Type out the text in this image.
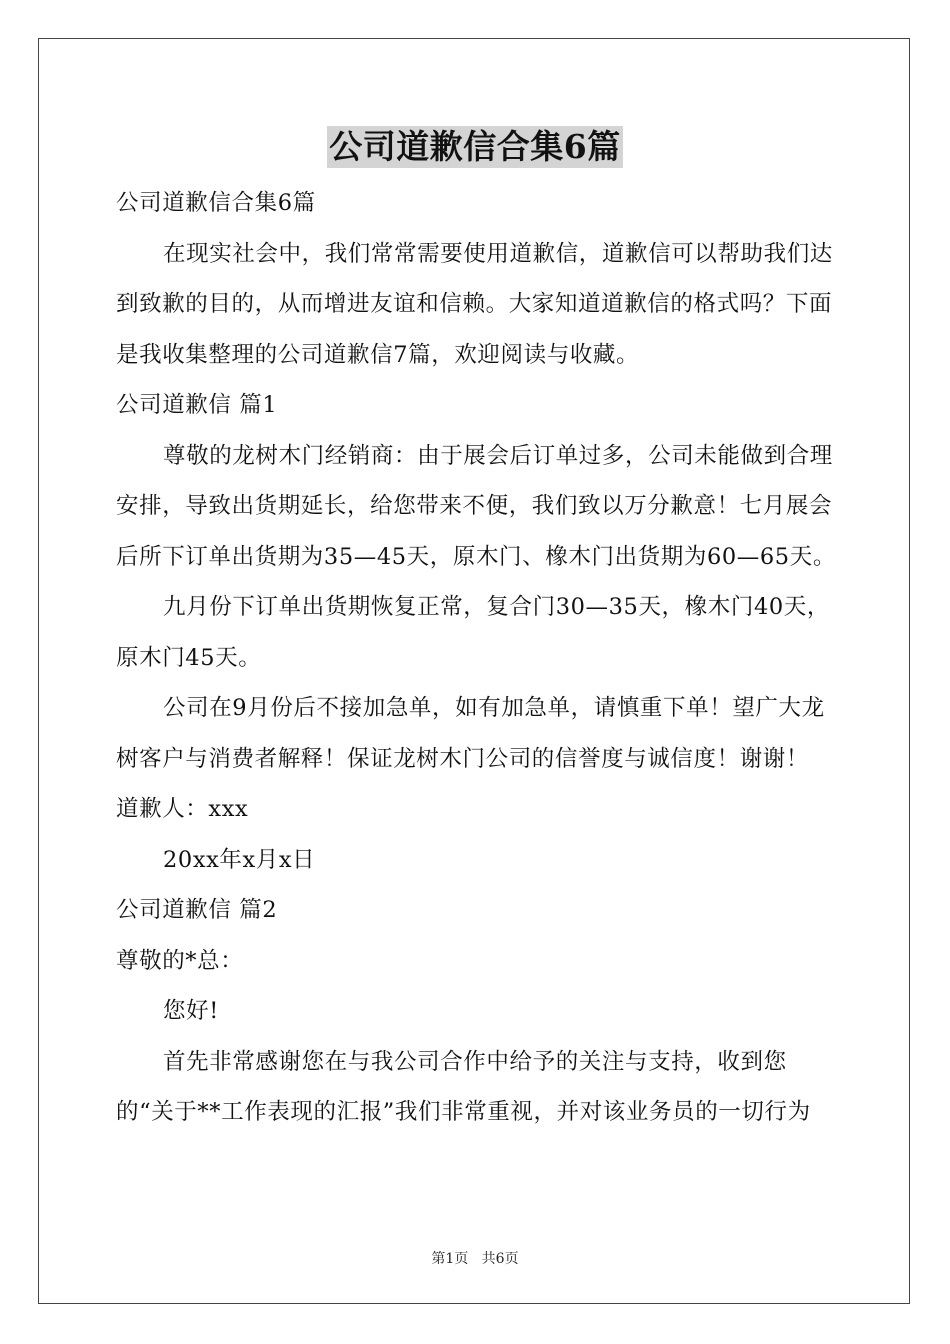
公司道歉信合集6篇

公司道歉信合集6篇

在现实社会中，我们常常需要使用道歉信，道歉信可以帮助我们达到致歉的目的，从而增进友谊和信赖。大家知道道歉信的格式吗？下面是我收集整理的公司道歉信7篇，欢迎阅读与收藏。

公司道歉信 篇1

尊敬的龙树木门经销商：由于展会后订单过多，公司未能做到合理安排，导致出货期延长，给您带来不便，我们致以万分歉意！七月展会后所下订单出货期为35—45天，原木门、橡木门出货期为60—65天。

九月份下订单出货期恢复正常，复合门30—35天，橡木门40天，原木门45天。

公司在9月份后不接加急单，如有加急单，请慎重下单！望广大龙树客户与消费者解释！保证龙树木门公司的信誉度与诚信度！谢谢！

道歉人：xxx

20xx年x月x日

公司道歉信 篇2

尊敬的*总：

您好!

首先非常感谢您在与我公司合作中给予的关注与支持，收到您的“关于**工作表现的汇报”我们非常重视，并对该业务员的一切行为

第1页   共6页
